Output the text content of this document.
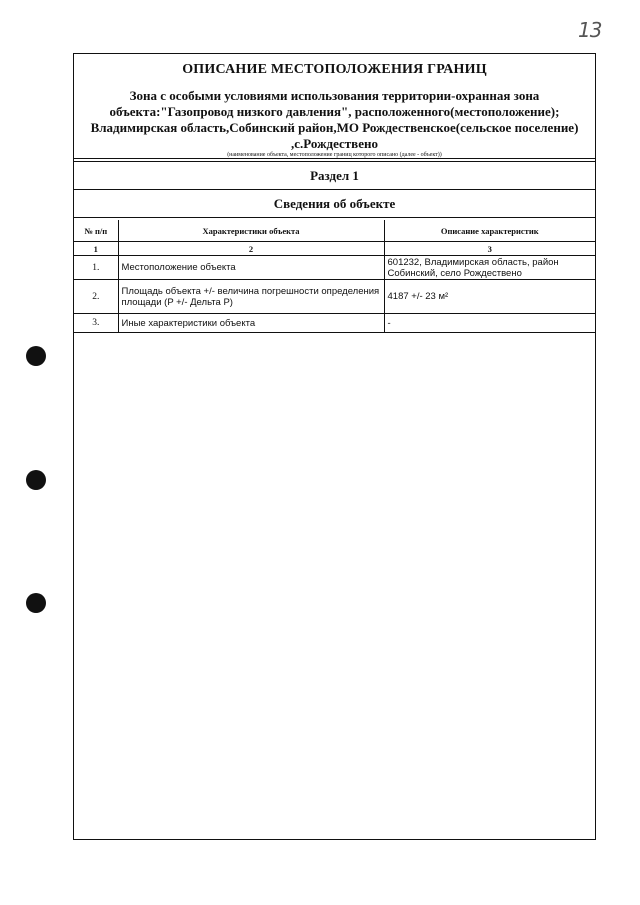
13
ОПИСАНИЕ МЕСТОПОЛОЖЕНИЯ ГРАНИЦ
Зона с особыми условиями использования территории-охранная зона
объекта:"Газопровод низкого давления", расположенного(местоположение);
Владимирская область,Собинский район,МО Рождественское(сельское поселение)
,с.Рождествено
(наименование объекта, местоположение границ которого описано (далее - объект))
Раздел 1
Сведения об объекте
№ п/п	Характеристики объекта	Описание характеристик
1	2	3
1.	Местоположение объекта	601232, Владимирская область, район Собинский, село Рождествено
2.	Площадь объекта +/- величина погрешности определения площади (P +/- Дельта P)	4187 +/- 23 м²
3.	Иные характеристики объекта	-
